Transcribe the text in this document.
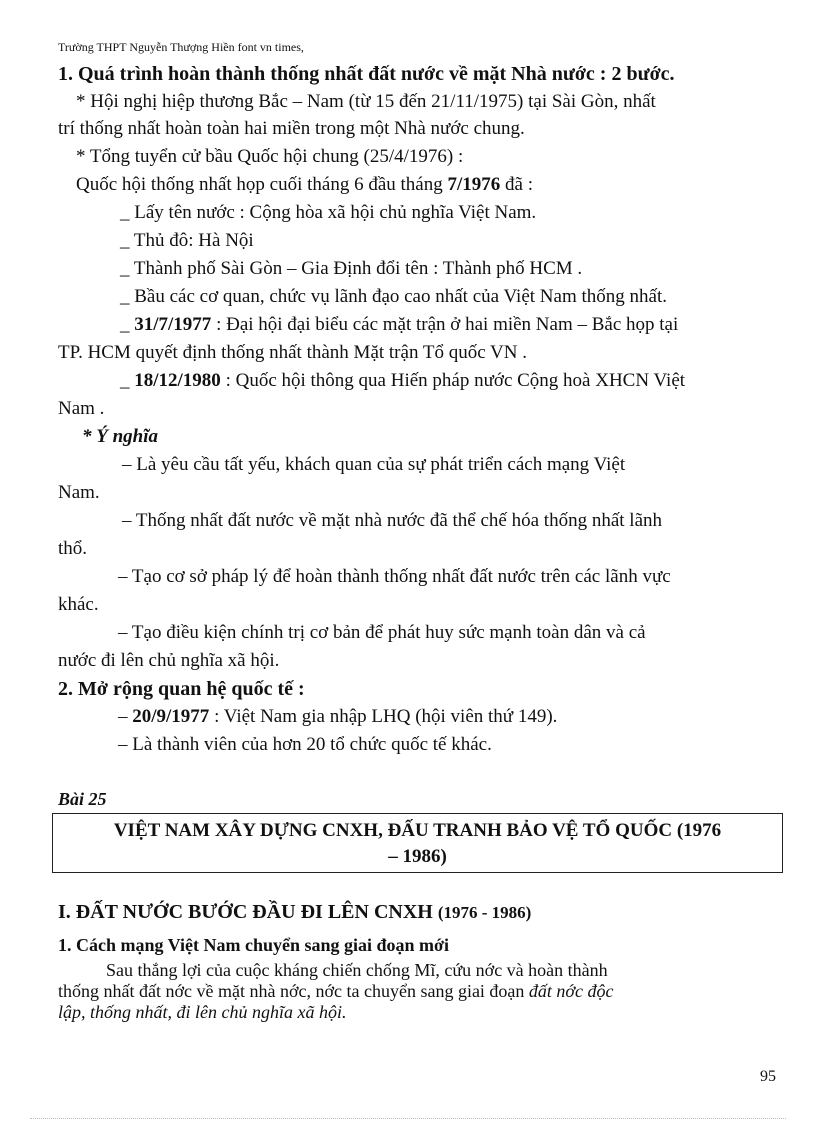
Trường THPT Nguyễn Thượng Hiền font vn times,
1. Quá trình hoàn thành thống nhất đất nước về mặt Nhà nước : 2 bước.
* Hội nghị hiệp thương Bắc – Nam (từ 15 đến 21/11/1975) tại Sài Gòn, nhất
trí thống nhất hoàn toàn hai miền trong một Nhà nước chung.
* Tổng tuyển cử bầu Quốc hội chung (25/4/1976) :
Quốc hội thống nhất họp cuối tháng 6 đầu tháng 7/1976 đã :
_ Lấy tên nước : Cộng hòa xã hội chủ nghĩa Việt Nam.
_ Thủ đô: Hà Nội
_ Thành phố Sài Gòn – Gia Định đổi tên : Thành phố HCM .
_ Bầu các cơ quan, chức vụ lãnh đạo cao nhất của Việt Nam thống nhất.
_ 31/7/1977 : Đại hội đại biểu các mặt trận ở hai miền Nam – Bắc họp tại
TP. HCM quyết định thống nhất thành Mặt trận Tổ quốc VN .
_ 18/12/1980 : Quốc hội thông qua Hiến pháp nước Cộng hoà XHCN Việt
Nam .
* Ý nghĩa
– Là yêu cầu tất yếu, khách quan của sự phát triển cách mạng Việt
Nam.
– Thống nhất đất nước về mặt nhà nước đã thể chế hóa thống nhất lãnh
thổ.
– Tạo cơ sở pháp lý để hoàn thành thống nhất đất nước trên các lãnh vực
khác.
– Tạo điều kiện chính trị cơ bản để phát huy sức mạnh toàn dân và cả
nước đi lên chủ nghĩa xã hội.
2. Mở rộng quan hệ quốc tế :
– 20/9/1977 : Việt Nam gia nhập LHQ (hội viên thứ 149).
– Là thành viên của hơn 20 tổ chức quốc tế khác.
Bài 25
VIỆT NAM XÂY DỰNG CNXH, ĐẤU TRANH BẢO VỆ TỔ QUỐC (1976
– 1986)
I. ĐẤT NƯỚC BƯỚC ĐẦU ĐI LÊN CNXH (1976 - 1986)
1. Cách mạng Việt Nam chuyển sang giai đoạn mới
Sau thắng lợi của cuộc kháng chiến chống Mĩ, cứu nớc và hoàn thành
thống nhất đất nớc về mặt nhà nớc, nớc ta chuyển sang giai đoạn đất nớc độc
lập, thống nhất, đi lên chủ nghĩa xã hội.
95
